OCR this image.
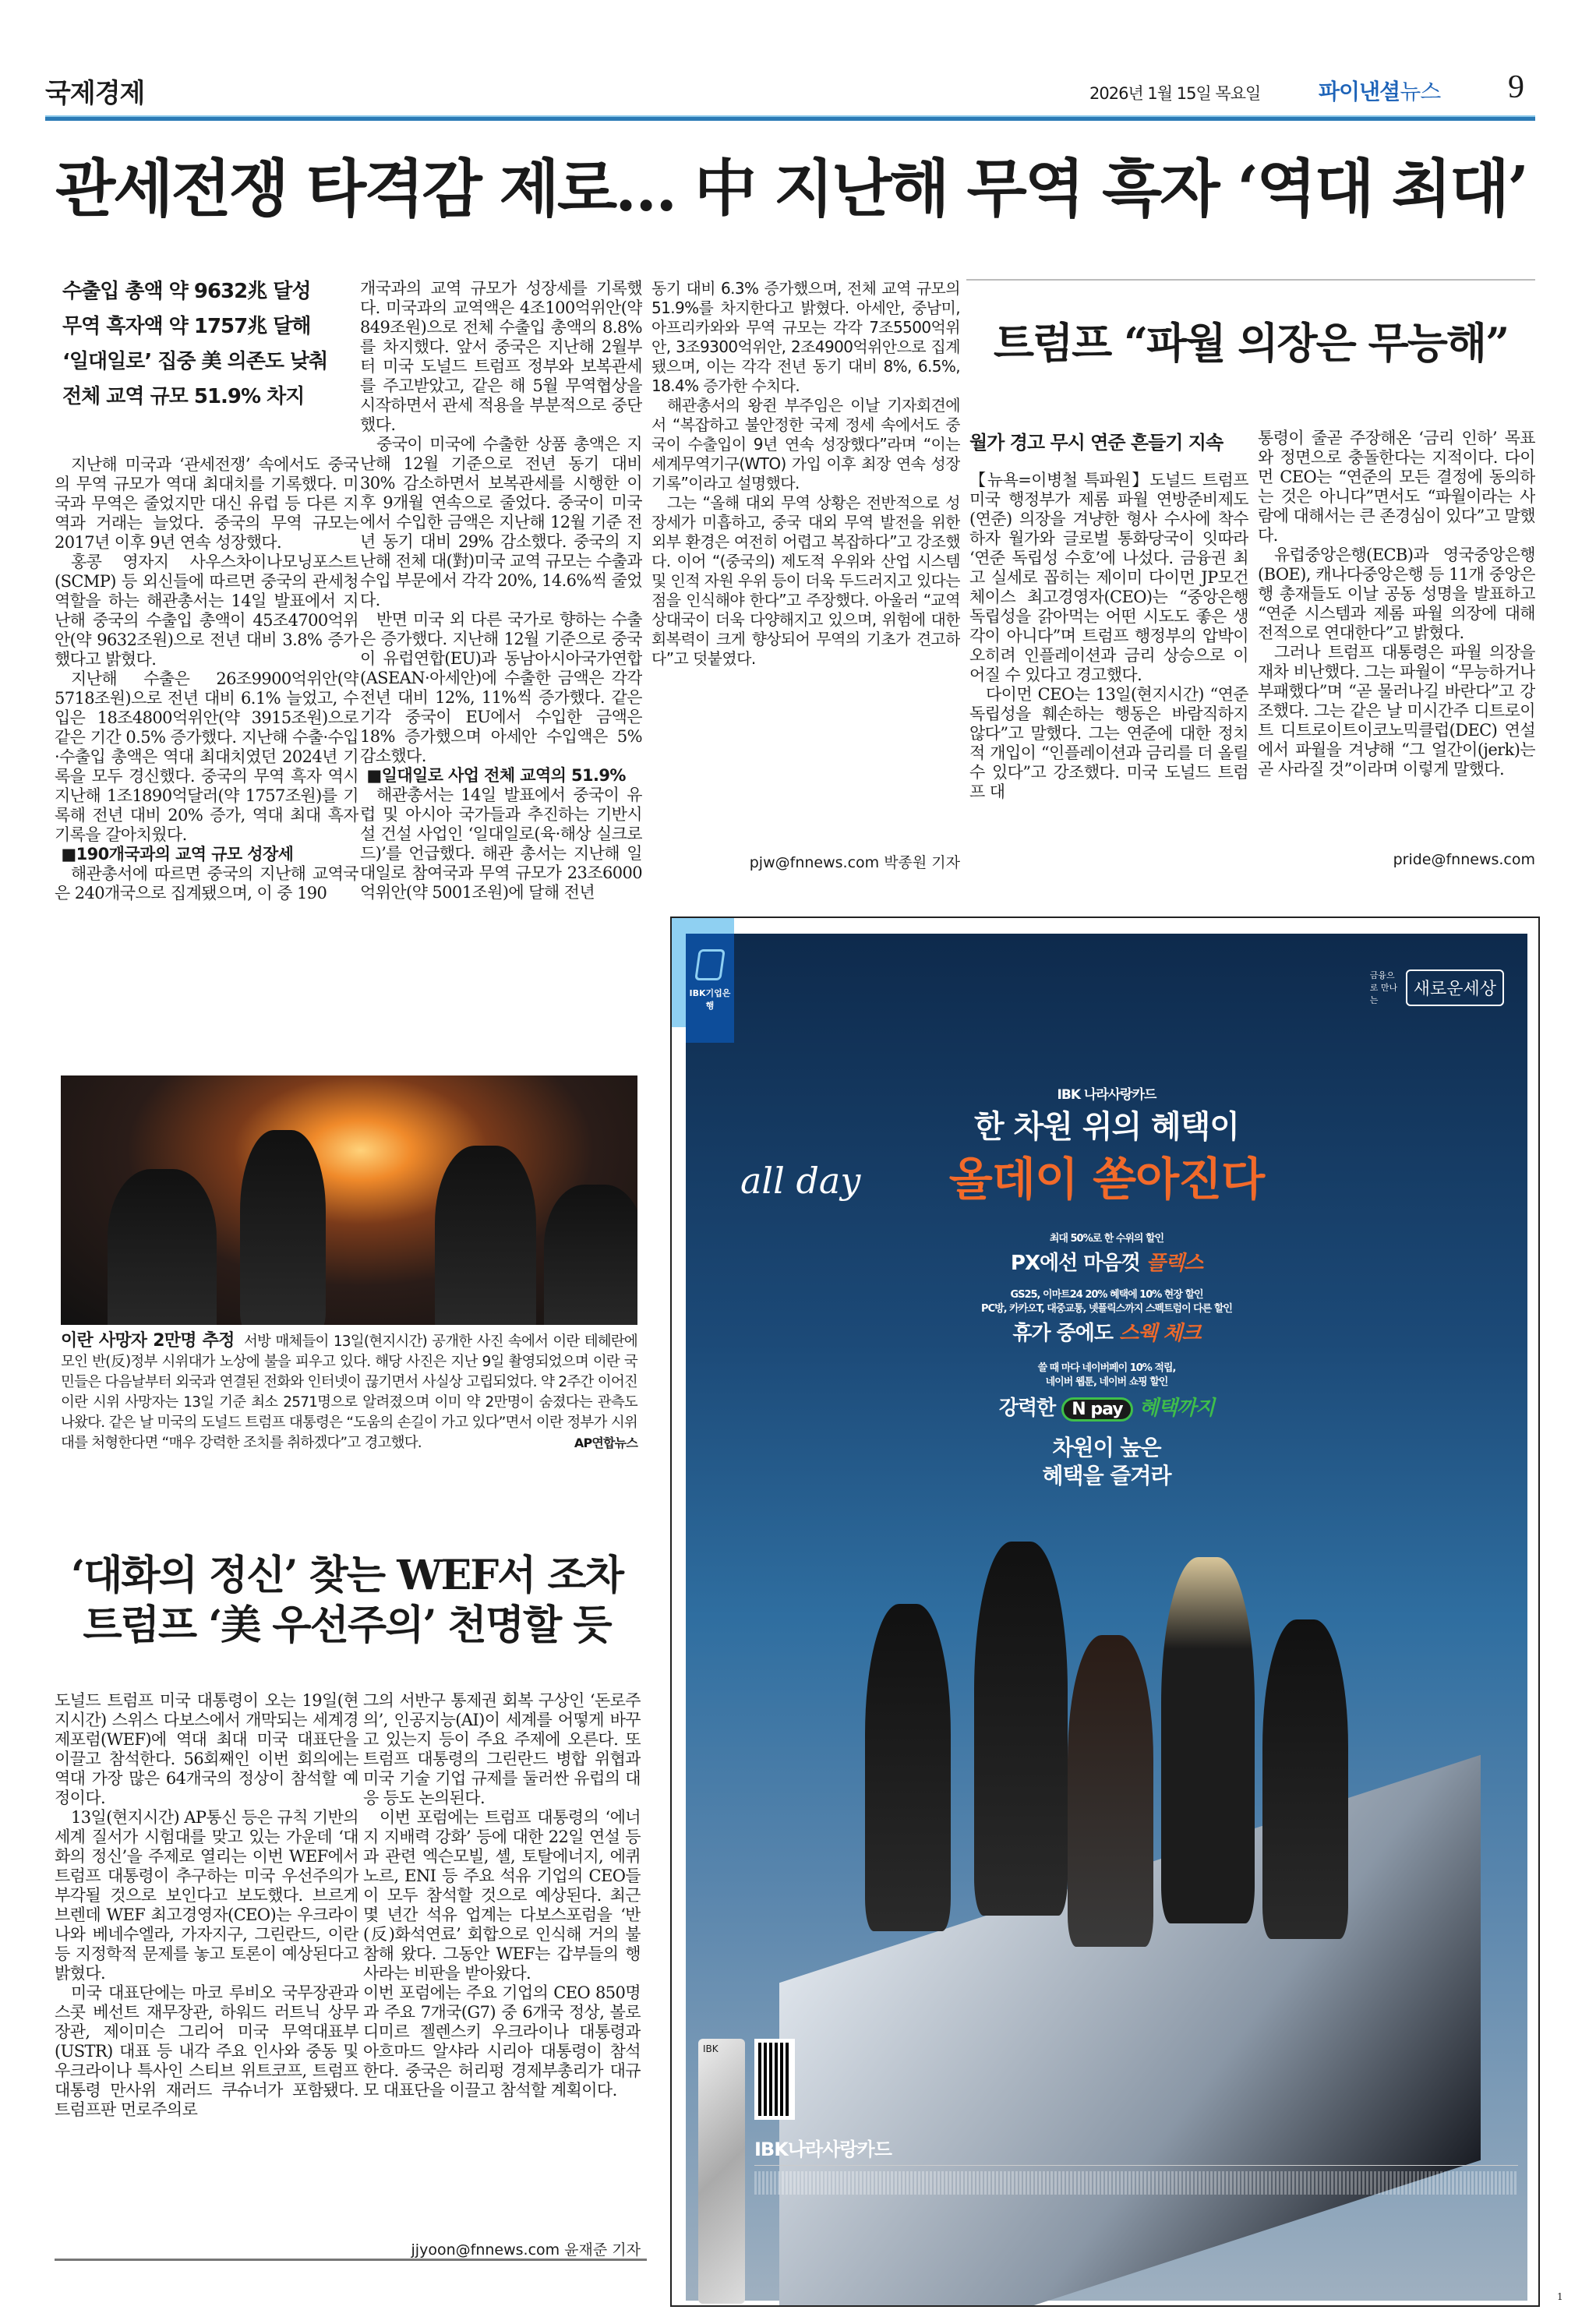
국제경제	2026년 1월 15일 목요일	파이낸셜뉴스 9
관세전쟁 타격감 제로… 中 지난해 무역 흑자 ‘역대 최대’
수출입 총액 약 9632兆 달성
무역 흑자액 약 1757兆 달해
‘일대일로’ 집중 美 의존도 낮춰
전체 교역 규모 51.9% 차지

지난해 미국과 ‘관세전쟁’ 속에서도 중국의 무역 규모가 역대 최대치를 기록했다. 미국과 무역은 줄었지만 대신 유럽 등 다른 지역과 거래는 늘었다. 중국의 무역 규모는 2017년 이후 9년 연속 성장했다.

홍콩 영자지 사우스차이나모닝포스트(SCMP) 등 외신들에 따르면 중국의 관세청 역할을 하는 해관총서는 14일 발표에서 지난해 중국의 수출입 총액이 45조4700억위안(약 9632조원)으로 전년 대비 3.8% 증가했다고 밝혔다.

지난해 수출은 26조9900억위안(약 5718조원)으로 전년 대비 6.1% 늘었고, 수입은 18조4800억위안(약 3915조원)으로 같은 기간 0.5% 증가했다. 지난해 수출·수입·수출입 총액은 역대 최대치였던 2024년 기록을 모두 경신했다. 중국의 무역 흑자 역시 지난해 1조1890억달러(약 1757조원)를 기록해 전년 대비 20% 증가, 역대 최대 흑자 기록을 갈아치웠다.

■190개국과의 교역 규모 성장세

해관총서에 따르면 중국의 지난해 교역국은 240개국으로 집계됐으며, 이 중 190

개국과의 교역 규모가 성장세를 기록했다. 미국과의 교역액은 4조100억위안(약 849조원)으로 전체 수출입 총액의 8.8%를 차지했다. 앞서 중국은 지난해 2월부터 미국 도널드 트럼프 정부와 보복관세를 주고받았고, 같은 해 5월 무역협상을 시작하면서 관세 적용을 부분적으로 중단했다.

중국이 미국에 수출한 상품 총액은 지난해 12월 기준으로 전년 동기 대비 30% 감소하면서 보복관세를 시행한 이후 9개월 연속으로 줄었다. 중국이 미국에서 수입한 금액은 지난해 12월 기준 전년 동기 대비 29% 감소했다. 중국의 지난해 전체 대(對)미국 교역 규모는 수출과 수입 부문에서 각각 20%, 14.6%씩 줄었다.

반면 미국 외 다른 국가로 향하는 수출은 증가했다. 지난해 12월 기준으로 중국이 유럽연합(EU)과 동남아시아국가연합(ASEAN·아세안)에 수출한 금액은 각각 전년 대비 12%, 11%씩 증가했다. 같은 기각 중국이 EU에서 수입한 금액은 18% 증가했으며 아세안 수입액은 5% 감소했다.

■일대일로 사업 전체 교역의 51.9%

해관총서는 14일 발표에서 중국이 유럽 및 아시아 국가들과 추진하는 기반시설 건설 사업인 ‘일대일로(육·해상 실크로드)’를 언급했다. 해관 총서는 지난해 일대일로 참여국과 무역 규모가 23조6000억위안(약 5001조원)에 달해 전년

동기 대비 6.3% 증가했으며, 전체 교역 규모의 51.9%를 차지한다고 밝혔다. 아세안, 중남미, 아프리카와와 무역 규모는 각각 7조5500억위안, 3조9300억위안, 2조4900억위안으로 집계됐으며, 이는 각각 전년 동기 대비 8%, 6.5%, 18.4% 증가한 수치다.

해관총서의 왕쥔 부주임은 이날 기자회견에서 “복잡하고 불안정한 국제 정세 속에서도 중국이 수출입이 9년 연속 성장했다”라며 “이는 세계무역기구(WTO) 가입 이후 최장 연속 성장 기록”이라고 설명했다.

그는 “올해 대외 무역 상황은 전반적으로 성장세가 미흡하고, 중국 대외 무역 발전을 위한 외부 환경은 여전히 어렵고 복잡하다”고 강조했다. 이어 “(중국의) 제도적 우위와 산업 시스템 및 인적 자원 우위 등이 더욱 두드러지고 있다는 점을 인식해야 한다”고 주장했다. 아울러 “교역 상대국이 더욱 다양해지고 있으며, 위험에 대한 회복력이 크게 향상되어 무역의 기초가 견고하다”고 덧붙였다.

pjw@fnnews.com 박종원 기자
트럼프 “파월 의장은 무능해”
월가 경고 무시 연준 흔들기 지속

【뉴욕=이병철 특파원】도널드 트럼프 미국 행정부가 제롬 파월 연방준비제도(연준) 의장을 겨냥한 형사 수사에 착수하자 월가와 글로벌 통화당국이 잇따라 ‘연준 독립성 수호’에 나섰다. 금융권 최고 실세로 꼽히는 제이미 다이먼 JP모건체이스 최고경영자(CEO)는 “중앙은행 독립성을 갉아먹는 어떤 시도도 좋은 생각이 아니다”며 트럼프 행정부의 압박이 오히려 인플레이션과 금리 상승으로 이어질 수 있다고 경고했다.

다이먼 CEO는 13일(현지시간) “연준 독립성을 훼손하는 행동은 바람직하지 않다”고 말했다. 그는 연준에 대한 정치적 개입이 “인플레이션과 금리를 더 올릴 수 있다”고 강조했다. 미국 도널드 트럼프 대

통령이 줄곧 주장해온 ‘금리 인하’ 목표와 정면으로 충돌한다는 지적이다. 다이먼 CEO는 “연준의 모든 결정에 동의하는 것은 아니다”면서도 “파월이라는 사람에 대해서는 큰 존경심이 있다”고 말했다.

유럽중앙은행(ECB)과 영국중앙은행(BOE), 캐나다중앙은행 등 11개 중앙은행 총재들도 이날 공동 성명을 발표하고 “연준 시스템과 제롬 파월 의장에 대해 전적으로 연대한다”고 밝혔다.

그러나 트럼프 대통령은 파월 의장을 재차 비난했다. 그는 파월이 “무능하거나 부패했다”며 “곧 물러나길 바란다”고 강조했다. 그는 같은 날 미시간주 디트로이트 디트로이트이코노믹클럽(DEC) 연설에서 파월을 겨냥해 “그 얼간이(jerk)는 곧 사라질 것”이라며 이렇게 말했다.

pride@fnnews.com
이란 사망자 2만명 추정 서방 매체들이 13일(현지시간) 공개한 사진 속에서 이란 테헤란에 모인 반(反)정부 시위대가 노상에 불을 피우고 있다. 해당 사진은 지난 9일 촬영되었으며 이란 국민들은 다음날부터 외국과 연결된 전화와 인터넷이 끊기면서 사실상 고립되었다. 약 2주간 이어진 이란 시위 사망자는 13일 기준 최소 2571명으로 알려졌으며 이미 약 2만명이 숨졌다는 관측도 나왔다. 같은 날 미국의 도널드 트럼프 대통령은 “도움의 손길이 가고 있다”면서 이란 정부가 시위대를 처형한다면 “매우 강력한 조치를 취하겠다”고 경고했다.	AP연합뉴스
‘대화의 정신’ 찾는 WEF서 조차
트럼프 ‘美 우선주의’ 천명할 듯

도널드 트럼프 미국 대통령이 오는 19일(현지시간) 스위스 다보스에서 개막되는 세계경제포럼(WEF)에 역대 최대 미국 대표단을 이끌고 참석한다. 56회째인 이번 회의에는 역대 가장 많은 64개국의 정상이 참석할 예정이다.

13일(현지시간) AP통신 등은 규칙 기반의 세계 질서가 시험대를 맞고 있는 가운데 ‘대화의 정신’을 주제로 열리는 이번 WEF에서 트럼프 대통령이 추구하는 미국 우선주의가 부각될 것으로 보인다고 보도했다. 브르게 브렌데 WEF 최고경영자(CEO)는 우크라이나와 베네수엘라, 가자지구, 그린란드, 이란 등 지정학적 문제를 놓고 토론이 예상된다고 밝혔다.

미국 대표단에는 마코 루비오 국무장관과 스콧 베선트 재무장관, 하워드 러트닉 상무장관, 제이미슨 그리어 미국 무역대표부(USTR) 대표 등 내각 주요 인사와 중동 및 우크라이나 특사인 스티브 위트코프, 트럼프 대통령 만사위 재러드 쿠슈너가 포함됐다. 트럼프판 먼로주의로

그의 서반구 통제권 회복 구상인 ‘돈로주의’, 인공지능(AI)이 세계를 어떻게 바꾸고 있는지 등이 주요 주제에 오른다. 또 트럼프 대통령의 그린란드 병합 위협과 미국 기술 기업 규제를 둘러싼 유럽의 대응 등도 논의된다.

이번 포럼에는 트럼프 대통령의 ‘에너지 지배력 강화’ 등에 대한 22일 연설 등과 관련 엑슨모빌, 셸, 토탈에너지, 에퀴노르, ENI 등 주요 석유 기업의 CEO들이 모두 참석할 것으로 예상된다. 최근 몇 년간 석유 업계는 다보스포럼을 ‘반(反)화석연료’ 회합으로 인식해 거의 불참해 왔다. 그동안 WEF는 갑부들의 행사라는 비판을 받아왔다.

이번 포럼에는 주요 기업의 CEO 850명과 주요 7개국(G7) 중 6개국 정상, 볼로디미르 젤렌스키 우크라이나 대통령과 아흐마드 알샤라 시리아 대통령이 참석한다. 중국은 허리펑 경제부총리가 대규모 대표단을 이끌고 참석할 계획이다.

jjyoon@fnnews.com 윤재준 기자
IBK기업은행
금융으로 만나는
새로운세상
IBK 나라사랑카드
한 차원 위의 혜택이
올데이 쏟아진다
all day
최대 50%로 한 수위의 할인
PX에선 마음껏 플렉스
GS25, 이마트24 20% 혜택에 10% 현장 할인
PC방, 카카오T, 대중교통, 넷플릭스까지 스펙트럼이 다른 할인
휴가 중에도 스웩 체크
쓸 때 마다 네이버페이 10% 적립,
네이버 웹툰, 네이버 쇼핑 할인
강력한 N pay 혜택까지
차원이 높은
혜택을 즐겨라
IBK
IBK나라사랑카드
1
